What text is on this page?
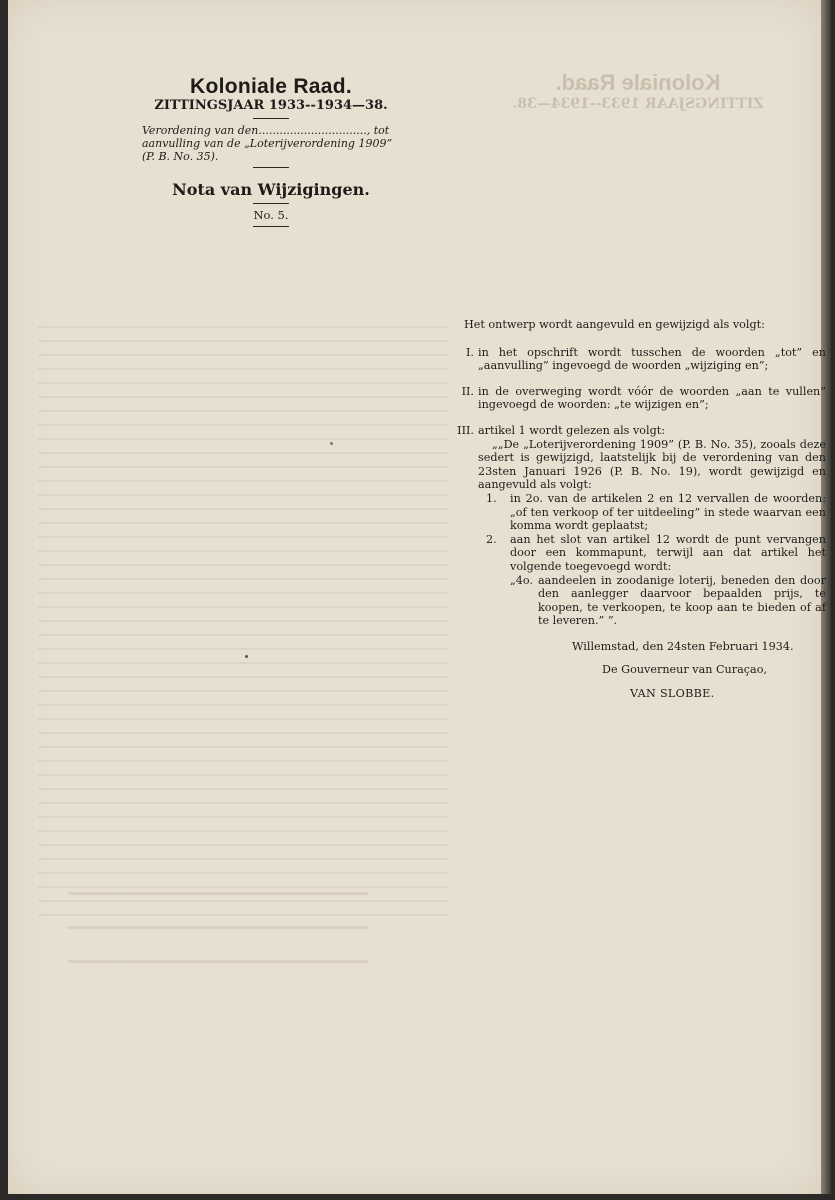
Koloniale Raad.
ZITTINGSJAAR 1933--1934—38.
Koloniale Raad.
ZITTINGSJAAR 1933--1934—38.
Verordening van den..............................., tot aanvulling van de „Loterijverordening 1909” (P. B. No. 35).
Nota van Wijzigingen.
No. 5.
Het ontwerp wordt aangevuld en gewijzigd als volgt:
I. in het opschrift wordt tusschen de woorden „tot” en „aanvulling” ingevoegd de woorden „wijziging en”;
II. in de overweging wordt vóór de woorden „aan te vullen” ingevoegd de woorden: „te wijzigen en”;
III. artikel 1 wordt gelezen als volgt:
„„De „Loterijverordening 1909” (P. B. No. 35), zooals deze sedert is gewijzigd, laatstelijk bij de verordening van den 23sten Januari 1926 (P. B. No. 19), wordt gewijzigd en aangevuld als volgt:
1. in 2o. van de artikelen 2 en 12 vervallen de woorden: „of ten verkoop of ter uitdeeling” in stede waarvan een komma wordt geplaatst;
2. aan het slot van artikel 12 wordt de punt vervangen door een kommapunt, terwijl aan dat artikel het volgende toegevoegd wordt:
„4o. aandeelen in zoodanige loterij, beneden den door den aanlegger daarvoor bepaalden prijs, te koopen, te verkoopen, te koop aan te bieden of af te leveren.” ”.
Willemstad, den 24sten Februari 1934.
De Gouverneur van Curaçao,
VAN SLOBBE.
